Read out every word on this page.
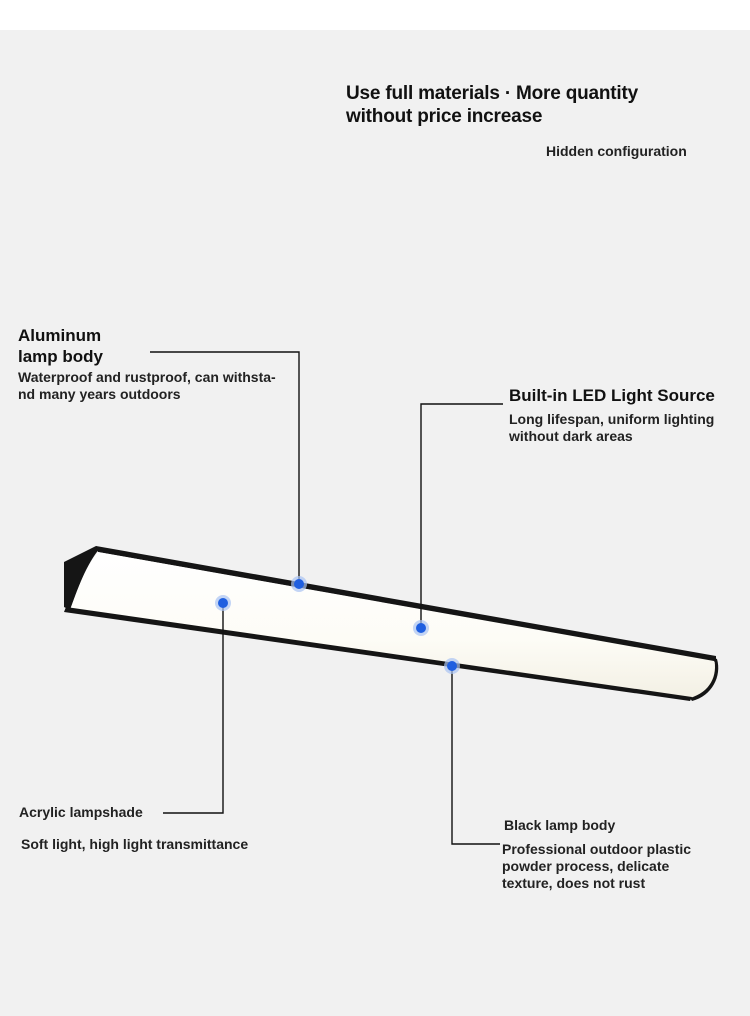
Use full materials · More quantity
without price increase
Hidden configuration
Aluminum
lamp body
Waterproof and rustproof, can withsta-
nd many years outdoors	Built-in LED Light Source
Long lifespan, uniform lighting
without dark areas
Acrylic lampshade
Soft light, high light transmittance
Black lamp body
Professional outdoor plastic
powder process, delicate
texture, does not rust
